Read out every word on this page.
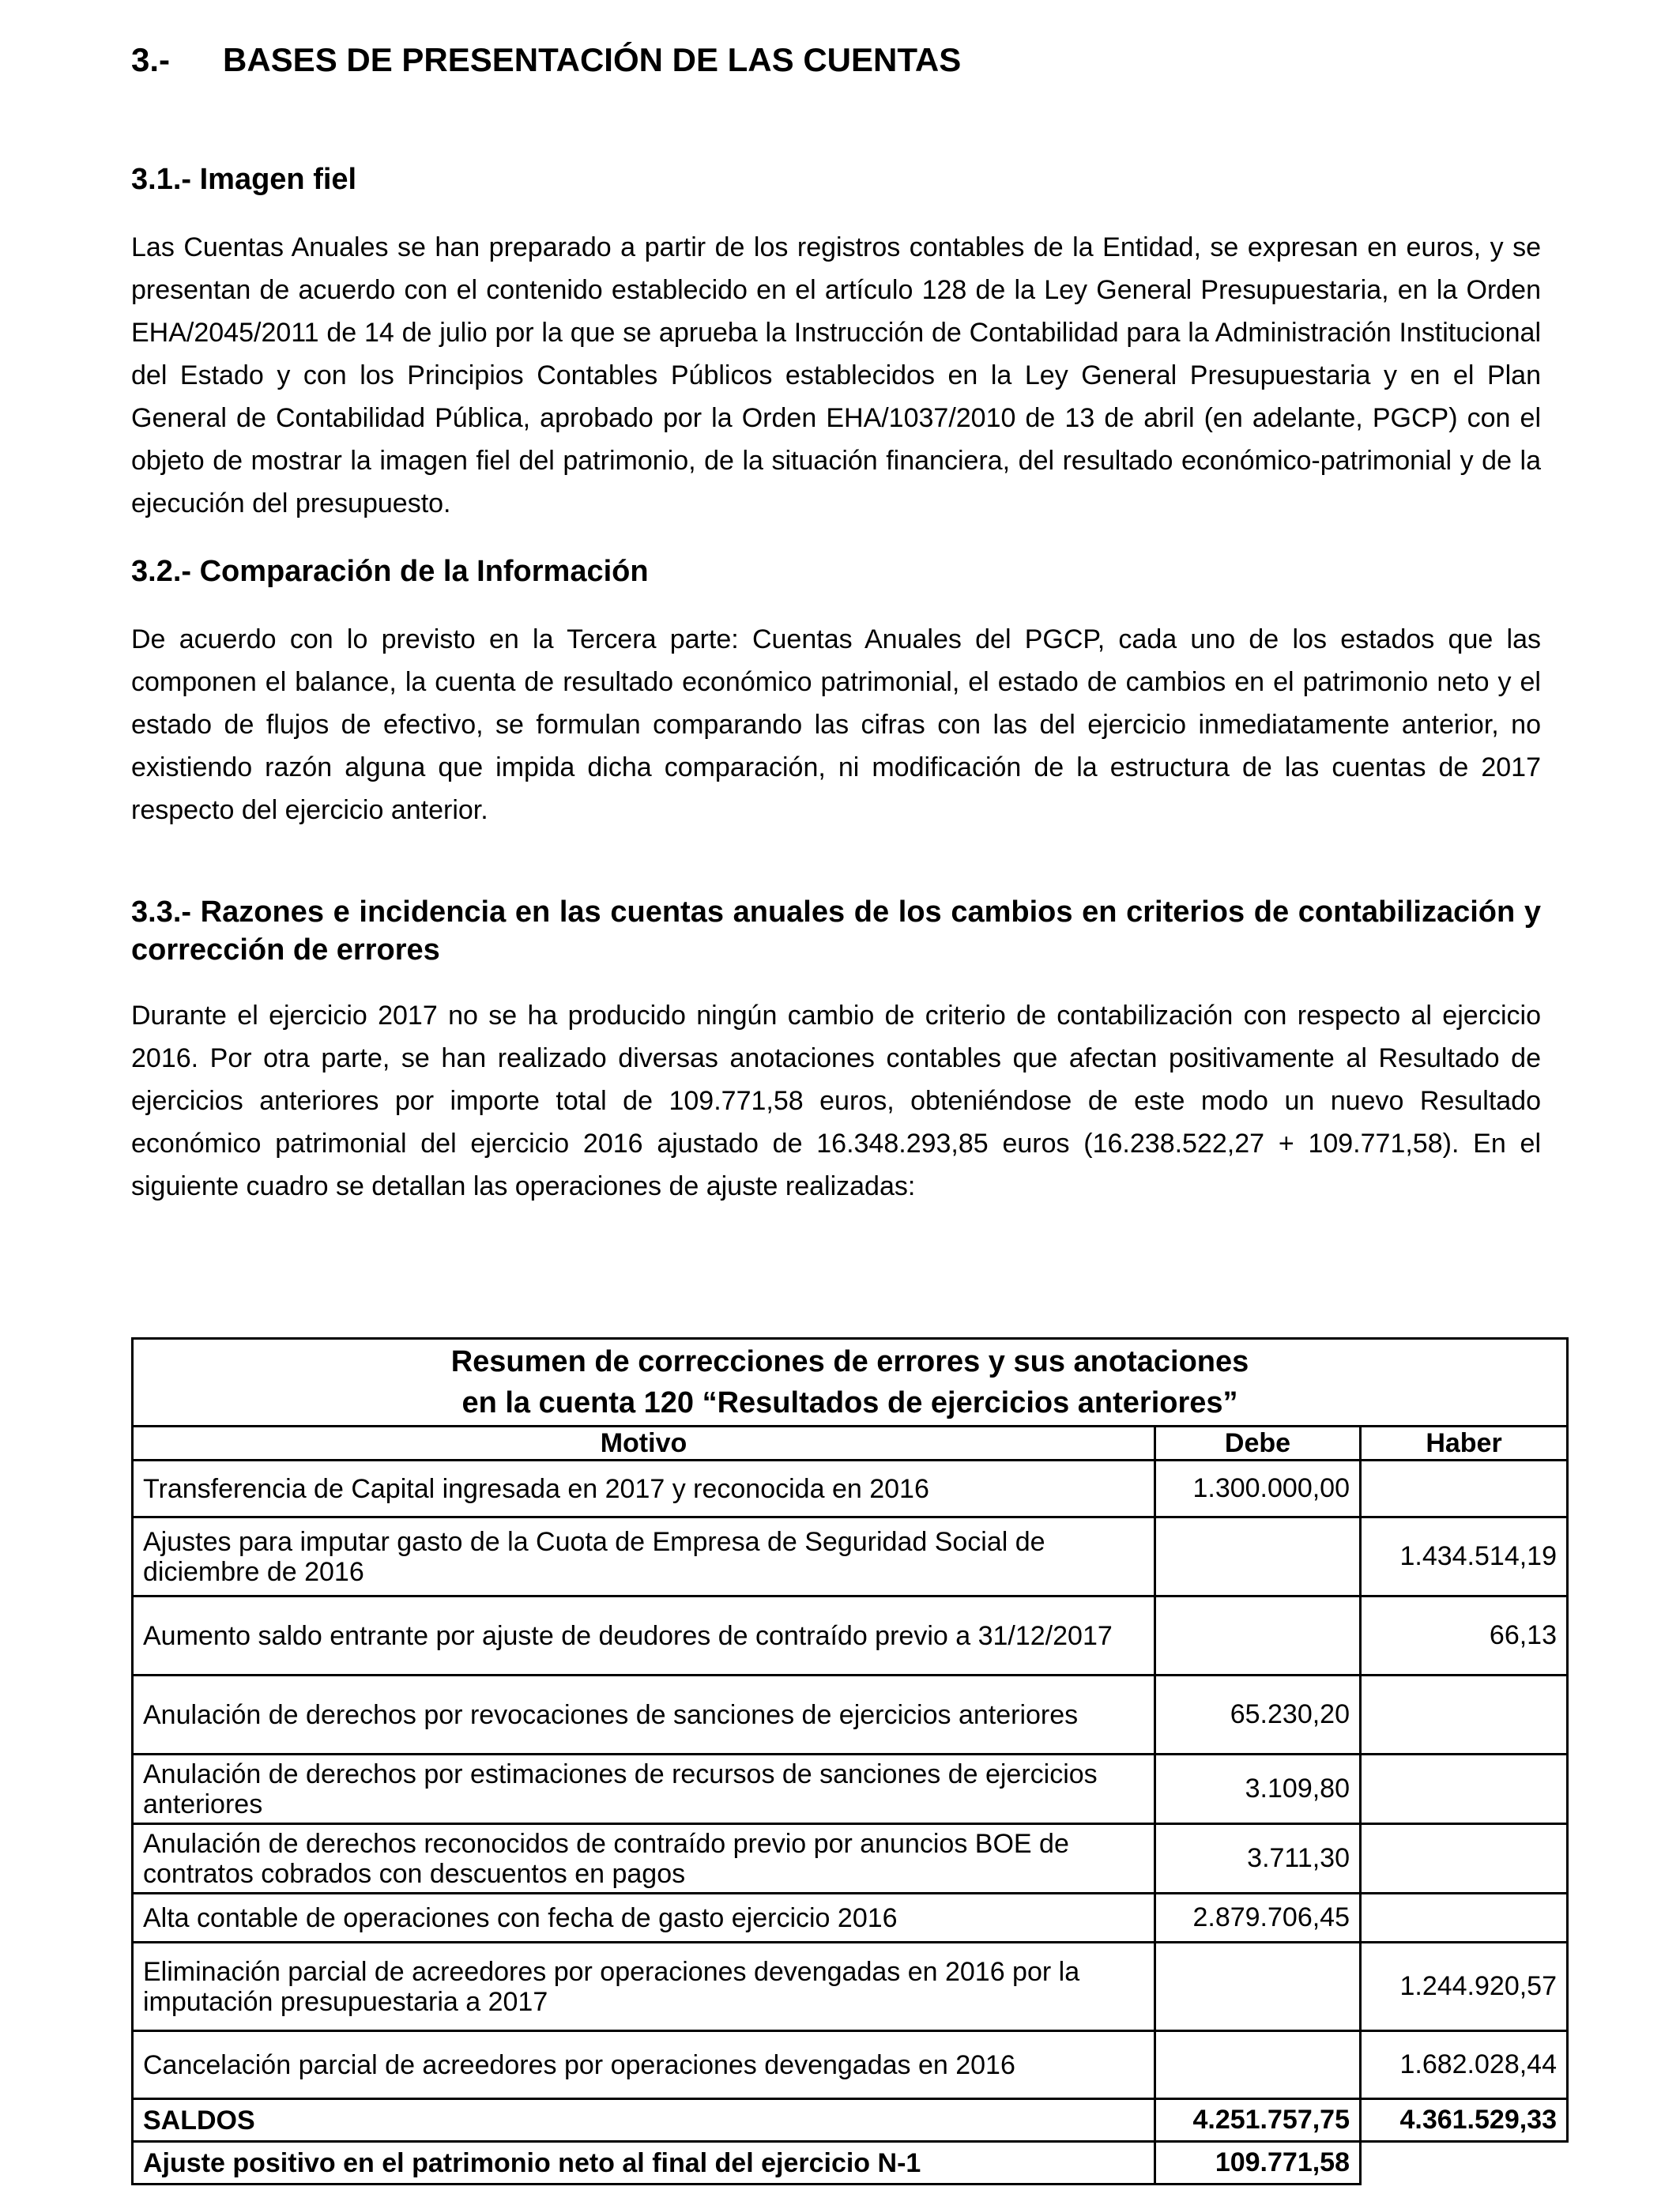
3.-	BASES DE PRESENTACIÓN DE LAS CUENTAS
3.1.- Imagen fiel

Las Cuentas Anuales se han preparado a partir de los registros contables de la Entidad, se expresan en euros, y se presentan de acuerdo con el contenido establecido en el artículo 128 de la Ley General Presupuestaria, en la Orden EHA/2045/2011 de 14 de julio por la que se aprueba la Instrucción de Contabilidad para la Administración Institucional del Estado y con los Principios Contables Públicos establecidos en la Ley General Presupuestaria y en el Plan General de Contabilidad Pública, aprobado por la Orden EHA/1037/2010 de 13 de abril (en adelante, PGCP) con el objeto de mostrar la imagen fiel del patrimonio, de la situación financiera, del resultado económico-patrimonial y de la ejecución del presupuesto.

3.2.- Comparación de la Información

De acuerdo con lo previsto en la Tercera parte: Cuentas Anuales del PGCP, cada uno de los estados que las componen el balance, la cuenta de resultado económico patrimonial, el estado de cambios en el patrimonio neto y el estado de flujos de efectivo, se formulan comparando las cifras con las del ejercicio inmediatamente anterior, no existiendo razón alguna que impida dicha comparación, ni modificación de la estructura de las cuentas de 2017 respecto del ejercicio anterior.

3.3.- Razones e incidencia en las cuentas anuales de los cambios en criterios de contabilización y corrección de errores

Durante el ejercicio 2017 no se ha producido ningún cambio de criterio de contabilización con respecto al ejercicio 2016. Por otra parte, se han realizado diversas anotaciones contables que afectan positivamente al Resultado de ejercicios anteriores por importe total de 109.771,58 euros, obteniéndose de este modo un nuevo Resultado económico patrimonial del ejercicio 2016 ajustado de 16.348.293,85 euros (16.238.522,27 + 109.771,58). En el siguiente cuadro se detallan las operaciones de ajuste realizadas:

Resumen de correcciones de errores y sus anotaciones
en la cuenta 120 “Resultados de ejercicios anteriores”		

Motivo	Debe	Haber
Transferencia de Capital ingresada en 2017 y reconocida en 2016	1.300.000,00	
Ajustes para imputar gasto de la Cuota de Empresa de Seguridad Social de diciembre de 2016		1.434.514,19
Aumento saldo entrante por ajuste de deudores de contraído previo a 31/12/2017		66,13
Anulación de derechos por revocaciones de sanciones de ejercicios anteriores	65.230,20	
Anulación de derechos por estimaciones de recursos de sanciones de ejercicios anteriores	3.109,80	
Anulación de derechos reconocidos de contraído previo por anuncios BOE de contratos cobrados con descuentos en pagos	3.711,30	
Alta contable de operaciones con fecha de gasto ejercicio 2016	2.879.706,45	
Eliminación parcial de acreedores por operaciones devengadas en 2016 por la imputación presupuestaria a 2017		1.244.920,57
Cancelación parcial de acreedores por operaciones devengadas en 2016		1.682.028,44
SALDOS	4.251.757,75	4.361.529,33
Ajuste positivo en el patrimonio neto al final del ejercicio N-1	109.771,58	
